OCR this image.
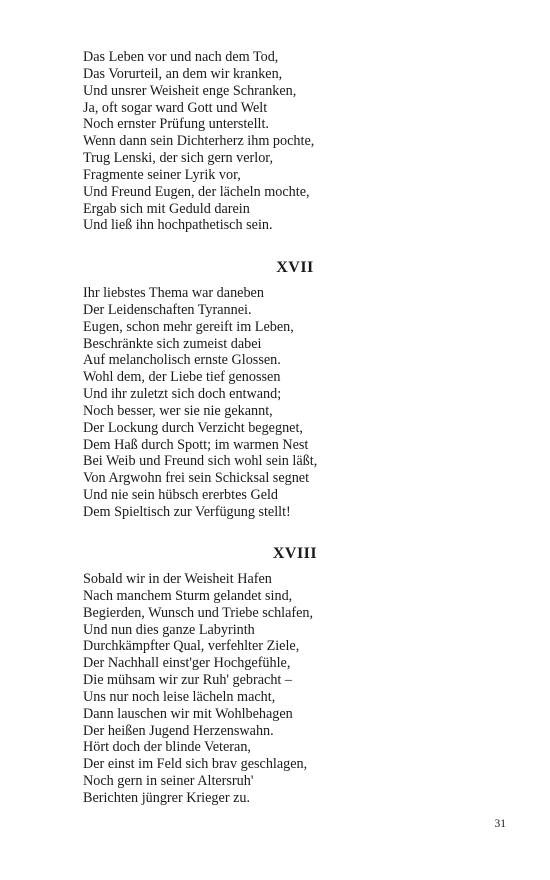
Das Leben vor und nach dem Tod,
Das Vorurteil, an dem wir kranken,
Und unsrer Weisheit enge Schranken,
Ja, oft sogar ward Gott und Welt
Noch ernster Prüfung unterstellt.
Wenn dann sein Dichterherz ihm pochte,
Trug Lenski, der sich gern verlor,
Fragmente seiner Lyrik vor,
Und Freund Eugen, der lächeln mochte,
Ergab sich mit Geduld darein
Und ließ ihn hochpathetisch sein.
XVII
Ihr liebstes Thema war daneben
Der Leidenschaften Tyrannei.
Eugen, schon mehr gereift im Leben,
Beschränkte sich zumeist dabei
Auf melancholisch ernste Glossen.
Wohl dem, der Liebe tief genossen
Und ihr zuletzt sich doch entwand;
Noch besser, wer sie nie gekannt,
Der Lockung durch Verzicht begegnet,
Dem Haß durch Spott; im warmen Nest
Bei Weib und Freund sich wohl sein läßt,
Von Argwohn frei sein Schicksal segnet
Und nie sein hübsch ererbtes Geld
Dem Spieltisch zur Verfügung stellt!
XVIII
Sobald wir in der Weisheit Hafen
Nach manchem Sturm gelandet sind,
Begierden, Wunsch und Triebe schlafen,
Und nun dies ganze Labyrinth
Durchkämpfter Qual, verfehlter Ziele,
Der Nachhall einst'ger Hochgefühle,
Die mühsam wir zur Ruh' gebracht –
Uns nur noch leise lächeln macht,
Dann lauschen wir mit Wohlbehagen
Der heißen Jugend Herzenswahn.
Hört doch der blinde Veteran,
Der einst im Feld sich brav geschlagen,
Noch gern in seiner Altersruh'
Berichten jüngrer Krieger zu.
31
